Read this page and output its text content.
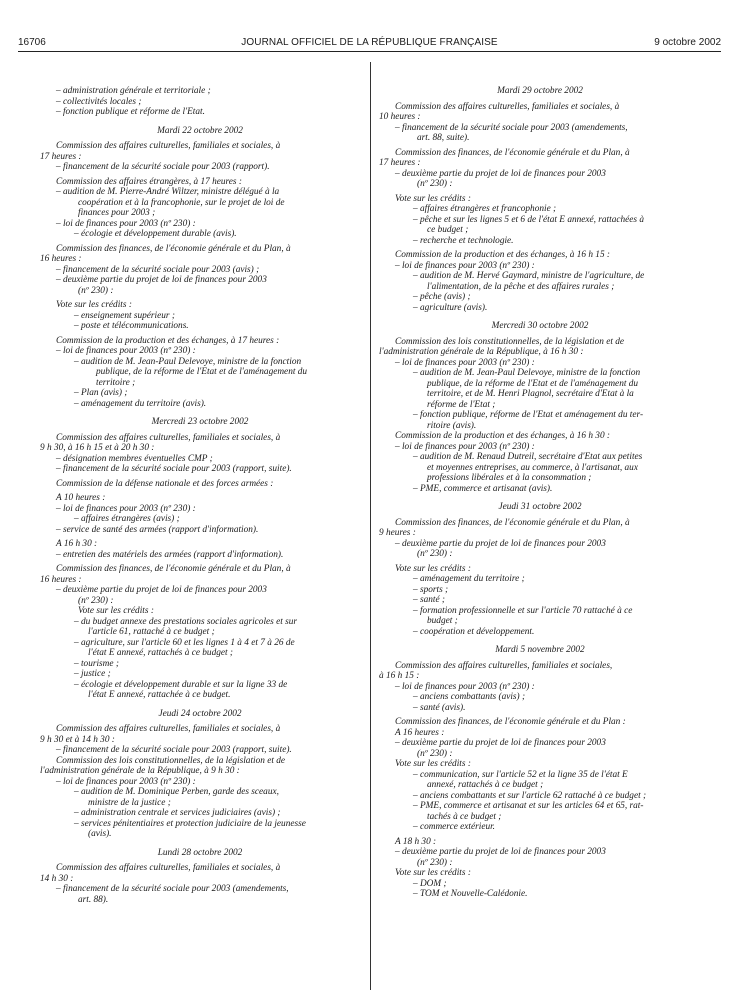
16706	JOURNAL OFFICIEL DE LA RÉPUBLIQUE FRANÇAISE	9 octobre 2002
– administration générale et territoriale ;
– collectivités locales ;
– fonction publique et réforme de l'Etat.
Mardi 22 octobre 2002
Commission des affaires culturelles, familiales et sociales, à
17 heures :
– financement de la sécurité sociale pour 2003 (rapport).
Commission des affaires étrangères, à 17 heures :
– audition de M. Pierre-André Wiltzer, ministre délégué à la
coopération et à la francophonie, sur le projet de loi de
finances pour 2003 ;
– loi de finances pour 2003 (nº 230) :
– écologie et développement durable (avis).
Commission des finances, de l'économie générale et du Plan, à
16 heures :
– financement de la sécurité sociale pour 2003 (avis) ;
– deuxième partie du projet de loi de finances pour 2003
(nº 230) :
Vote sur les crédits :
– enseignement supérieur ;
– poste et télécommunications.
Commission de la production et des échanges, à 17 heures :
– loi de finances pour 2003 (nº 230) :
– audition de M. Jean-Paul Delevoye, ministre de la fonction
publique, de la réforme de l'Etat et de l'aménagement du
territoire ;
– Plan (avis) ;
– aménagement du territoire (avis).
Mercredi 23 octobre 2002
Commission des affaires culturelles, familiales et sociales, à
9 h 30, à 16 h 15 et à 20 h 30 :
– désignation membres éventuelles CMP ;
– financement de la sécurité sociale pour 2003 (rapport, suite).
Commission de la défense nationale et des forces armées :
A 10 heures :
– loi de finances pour 2003 (nº 230) :
– affaires étrangères (avis) ;
– service de santé des armées (rapport d'information).
A 16 h 30 :
– entretien des matériels des armées (rapport d'information).
Commission des finances, de l'économie générale et du Plan, à
16 heures :
– deuxième partie du projet de loi de finances pour 2003
(nº 230) :
Vote sur les crédits :
– du budget annexe des prestations sociales agricoles et sur
l'article 61, rattaché à ce budget ;
– agriculture, sur l'article 60 et les lignes 1 à 4 et 7 à 26 de
l'état E annexé, rattachés à ce budget ;
– tourisme ;
– justice ;
– écologie et développement durable et sur la ligne 33 de
l'état E annexé, rattachée à ce budget.
Jeudi 24 octobre 2002
Commission des affaires culturelles, familiales et sociales, à
9 h 30 et à 14 h 30 :
– financement de la sécurité sociale pour 2003 (rapport, suite).
Commission des lois constitutionnelles, de la législation et de
l'administration générale de la République, à 9 h 30 :
– loi de finances pour 2003 (nº 230) :
– audition de M. Dominique Perben, garde des sceaux,
ministre de la justice ;
– administration centrale et services judiciaires (avis) ;
– services pénitentiaires et protection judiciaire de la jeunesse
(avis).
Lundi 28 octobre 2002
Commission des affaires culturelles, familiales et sociales, à
14 h 30 :
– financement de la sécurité sociale pour 2003 (amendements,
art. 88).
Mardi 29 octobre 2002
Commission des affaires culturelles, familiales et sociales, à
10 heures :
– financement de la sécurité sociale pour 2003 (amendements,
art. 88, suite).
Commission des finances, de l'économie générale et du Plan, à
17 heures :
– deuxième partie du projet de loi de finances pour 2003
(nº 230) :
Vote sur les crédits :
– affaires étrangères et francophonie ;
– pêche et sur les lignes 5 et 6 de l'état E annexé, rattachées à
ce budget ;
– recherche et technologie.
Commission de la production et des échanges, à 16 h 15 :
– loi de finances pour 2003 (nº 230) :
– audition de M. Hervé Gaymard, ministre de l'agriculture, de
l'alimentation, de la pêche et des affaires rurales ;
– pêche (avis) ;
– agriculture (avis).
Mercredi 30 octobre 2002
Commission des lois constitutionnelles, de la législation et de
l'administration générale de la République, à 16 h 30 :
– loi de finances pour 2003 (nº 230) :
– audition de M. Jean-Paul Delevoye, ministre de la fonction
publique, de la réforme de l'Etat et de l'aménagement du
territoire, et de M. Henri Plagnol, secrétaire d'Etat à la
réforme de l'Etat ;
– fonction publique, réforme de l'Etat et aménagement du ter-
ritoire (avis).
Commission de la production et des échanges, à 16 h 30 :
– loi de finances pour 2003 (nº 230) :
– audition de M. Renaud Dutreil, secrétaire d'Etat aux petites
et moyennes entreprises, au commerce, à l'artisanat, aux
professions libérales et à la consommation ;
– PME, commerce et artisanat (avis).
Jeudi 31 octobre 2002
Commission des finances, de l'économie générale et du Plan, à
9 heures :
– deuxième partie du projet de loi de finances pour 2003
(nº 230) :
Vote sur les crédits :
– aménagement du territoire ;
– sports ;
– santé ;
– formation professionnelle et sur l'article 70 rattaché à ce
budget ;
– coopération et développement.
Mardi 5 novembre 2002
Commission des affaires culturelles, familiales et sociales,
à 16 h 15 :
– loi de finances pour 2003 (nº 230) :
– anciens combattants (avis) ;
– santé (avis).
Commission des finances, de l'économie générale et du Plan :
A 16 heures :
– deuxième partie du projet de loi de finances pour 2003
(nº 230) :
Vote sur les crédits :
– communication, sur l'article 52 et la ligne 35 de l'état E
annexé, rattachés à ce budget ;
– anciens combattants et sur l'article 62 rattaché à ce budget ;
– PME, commerce et artisanat et sur les articles 64 et 65, rat-
tachés à ce budget ;
– commerce extérieur.
A 18 h 30 :
– deuxième partie du projet de loi de finances pour 2003
(nº 230) :
Vote sur les crédits :
– DOM ;
– TOM et Nouvelle-Calédonie.
